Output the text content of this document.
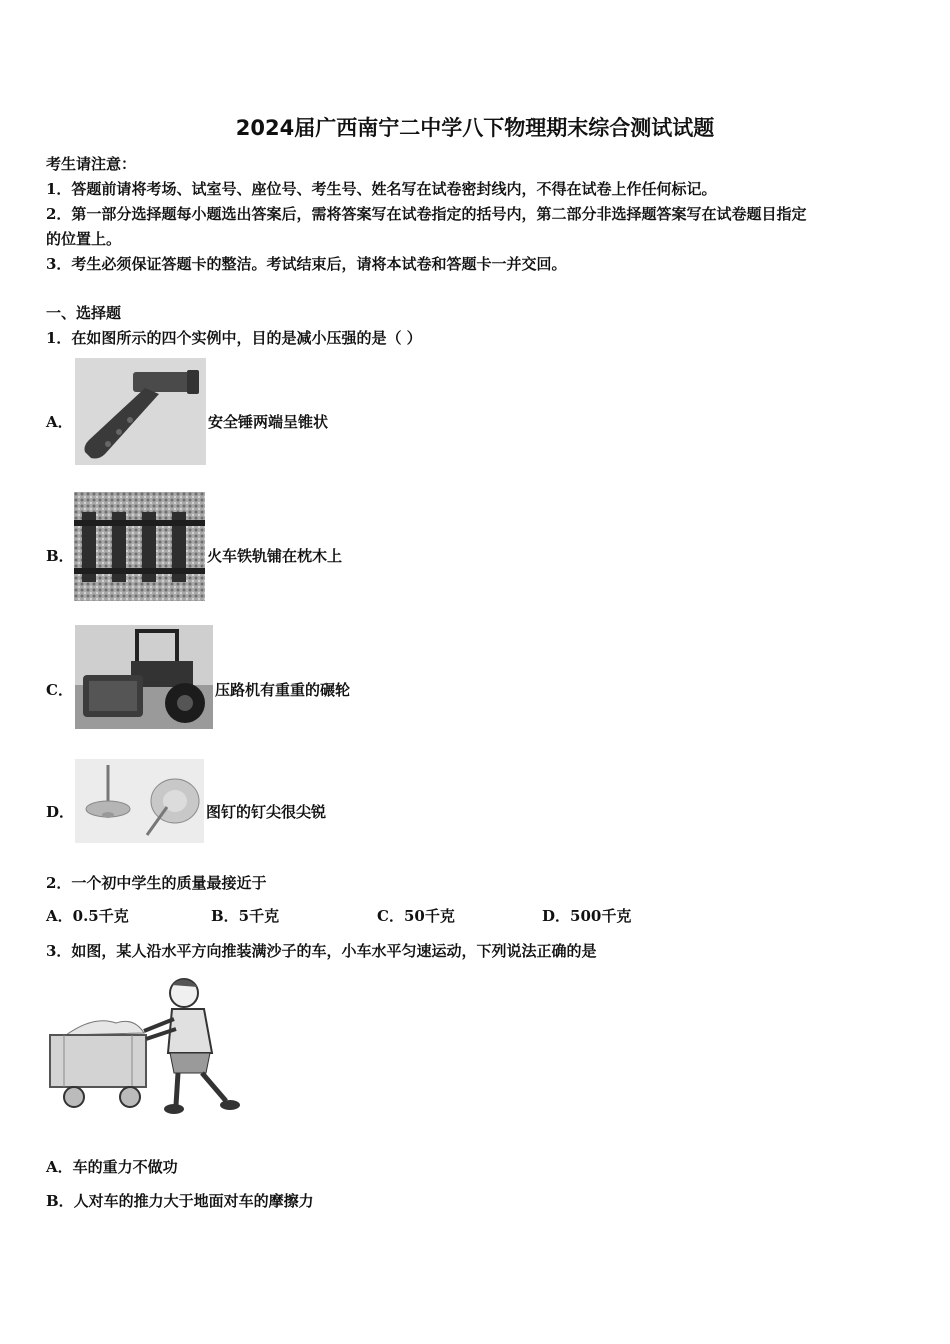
2024届广西南宁二中学八下物理期末综合测试试题
考生请注意：
1．答题前请将考场、试室号、座位号、考生号、姓名写在试卷密封线内，不得在试卷上作任何标记。
2．第一部分选择题每小题选出答案后，需将答案写在试卷指定的括号内，第二部分非选择题答案写在试卷题目指定
的位置上。
3．考生必须保证答题卡的整洁。考试结束后，请将本试卷和答题卡一并交回。
一、选择题
1．在如图所示的四个实例中，目的是减小压强的是（ ）
A．	安全锤两端呈锥状
B．	火车铁轨铺在枕木上
C．	压路机有重重的碾轮
D．	图钉的钉尖很尖锐
2．一个初中学生的质量最接近于
A．0.5千克	B．5千克	C．50千克	D．500千克
3．如图，某人沿水平方向推装满沙子的车，小车水平匀速运动，下列说法正确的是
A．车的重力不做功
B．人对车的推力大于地面对车的摩擦力
